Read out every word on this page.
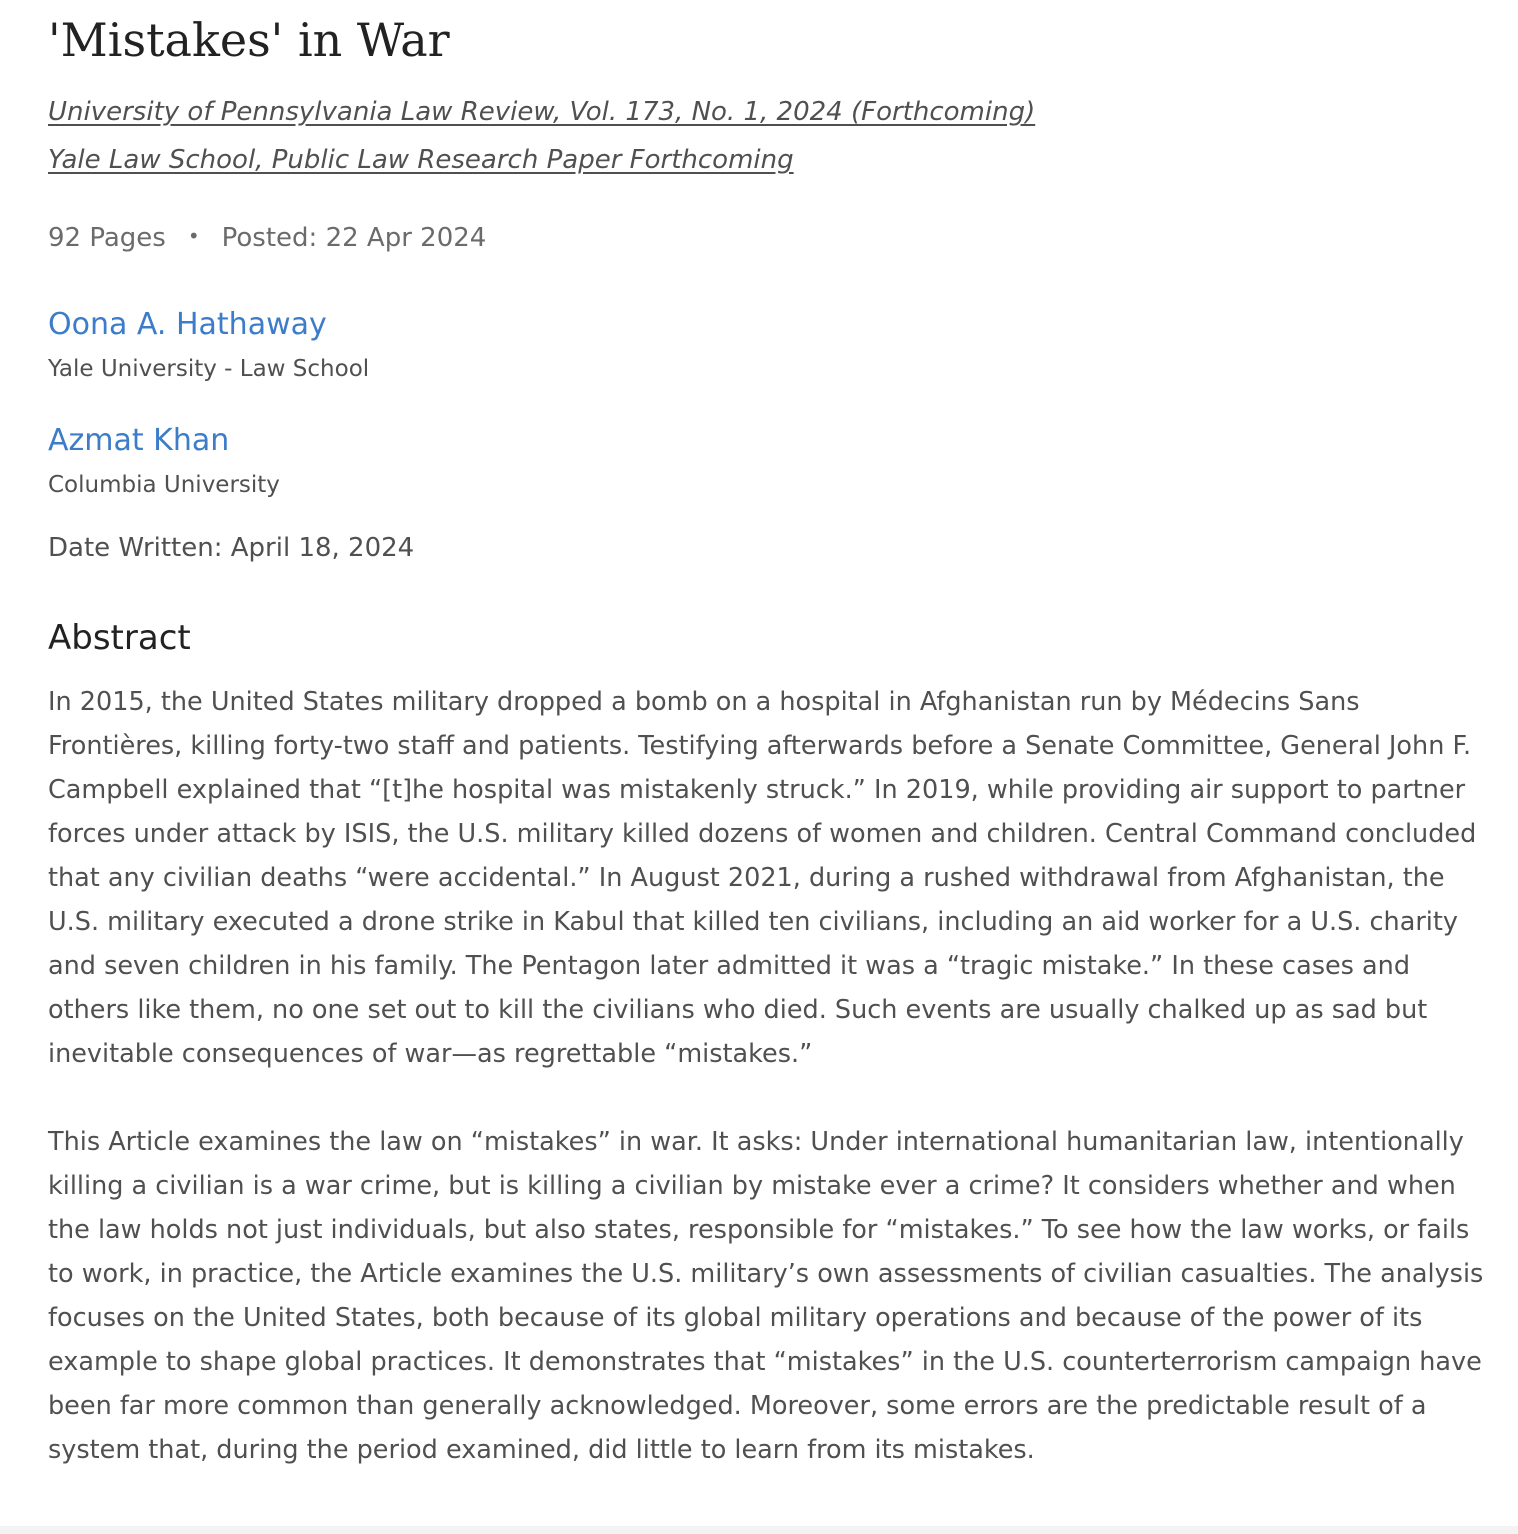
'Mistakes' in War
University of Pennsylvania Law Review, Vol. 173, No. 1, 2024 (Forthcoming)
Yale Law School, Public Law Research Paper Forthcoming
92 Pages • Posted: 22 Apr 2024
Oona A. Hathaway
Yale University - Law School
Azmat Khan
Columbia University
Date Written: April 18, 2024
Abstract

In 2015, the United States military dropped a bomb on a hospital in Afghanistan run by Médecins Sans Frontières, killing forty-two staff and patients. Testifying afterwards before a Senate Committee, General John F. Campbell explained that “[t]he hospital was mistakenly struck.” In 2019, while providing air support to partner forces under attack by ISIS, the U.S. military killed dozens of women and children. Central Command concluded that any civilian deaths “were accidental.” In August 2021, during a rushed withdrawal from Afghanistan, the U.S. military executed a drone strike in Kabul that killed ten civilians, including an aid worker for a U.S. charity and seven children in his family. The Pentagon later admitted it was a “tragic mistake.” In these cases and others like them, no one set out to kill the civilians who died. Such events are usually chalked up as sad but inevitable consequences of war—as regrettable “mistakes.”

This Article examines the law on “mistakes” in war. It asks: Under international humanitarian law, intentionally killing a civilian is a war crime, but is killing a civilian by mistake ever a crime? It considers whether and when the law holds not just individuals, but also states, responsible for “mistakes.” To see how the law works, or fails to work, in practice, the Article examines the U.S. military’s own assessments of civilian casualties. The analysis focuses on the United States, both because of its global military operations and because of the power of its example to shape global practices. It demonstrates that “mistakes” in the U.S. counterterrorism campaign have been far more common than generally acknowledged. Moreover, some errors are the predictable result of a system that, during the period examined, did little to learn from its mistakes.
